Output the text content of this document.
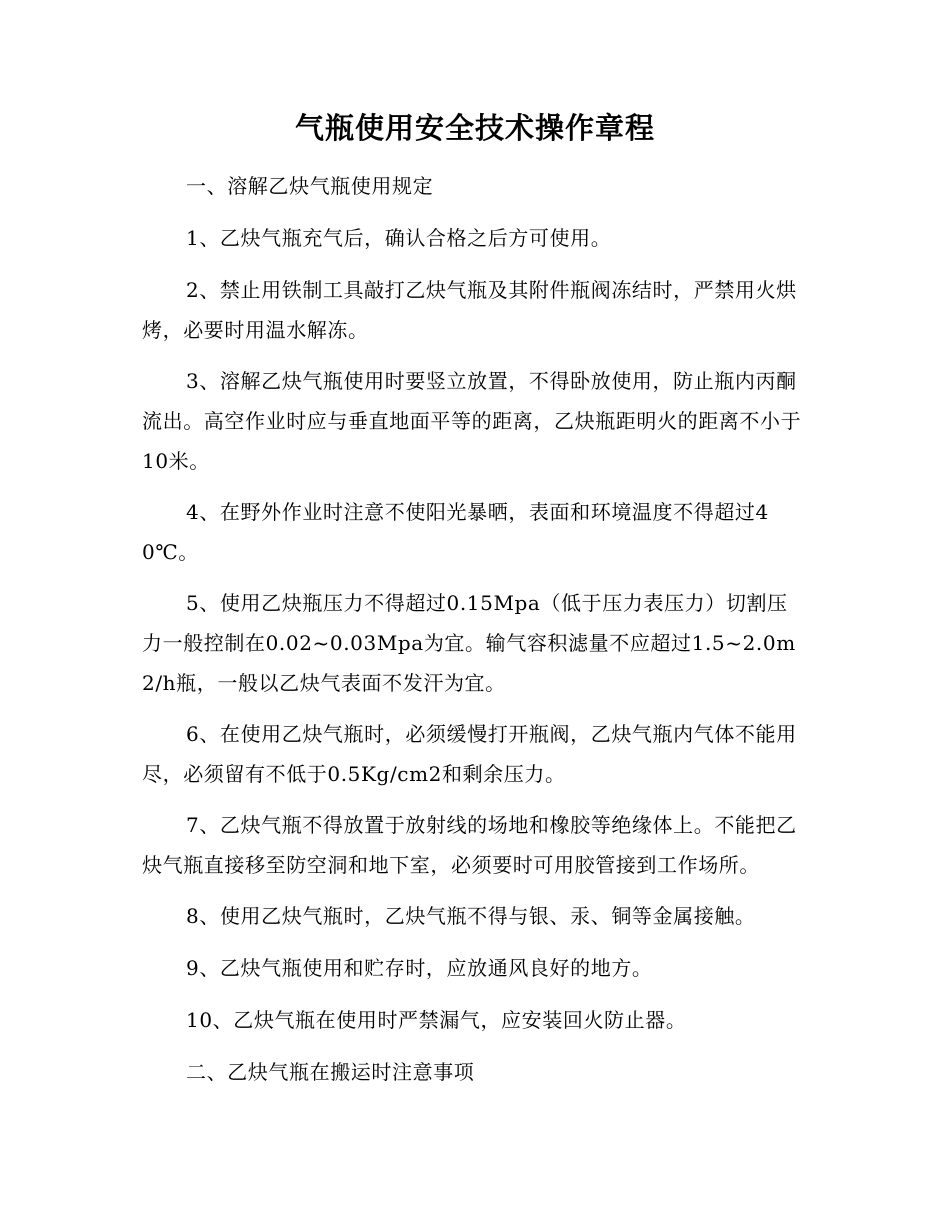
气瓶使用安全技术操作章程

一、溶解乙炔气瓶使用规定

1、乙炔气瓶充气后，确认合格之后方可使用。

2、禁止用铁制工具敲打乙炔气瓶及其附件瓶阀冻结时，严禁用火烘烤，必要时用温水解冻。

3、溶解乙炔气瓶使用时要竖立放置，不得卧放使用，防止瓶内丙酮流出。高空作业时应与垂直地面平等的距离，乙炔瓶距明火的距离不小于10米。

4、在野外作业时注意不使阳光暴晒，表面和环境温度不得超过40℃。

5、使用乙炔瓶压力不得超过0.15Mpa（低于压力表压力）切割压力一般控制在0.02~0.03Mpa为宜。输气容积滤量不应超过1.5~2.0m2/h瓶，一般以乙炔气表面不发汗为宜。

6、在使用乙炔气瓶时，必须缓慢打开瓶阀，乙炔气瓶内气体不能用尽，必须留有不低于0.5Kg/cm2和剩余压力。

7、乙炔气瓶不得放置于放射线的场地和橡胶等绝缘体上。不能把乙炔气瓶直接移至防空洞和地下室，必须要时可用胶管接到工作场所。

8、使用乙炔气瓶时，乙炔气瓶不得与银、汞、铜等金属接触。

9、乙炔气瓶使用和贮存时，应放通风良好的地方。

10、乙炔气瓶在使用时严禁漏气，应安装回火防止器。

二、乙炔气瓶在搬运时注意事项
